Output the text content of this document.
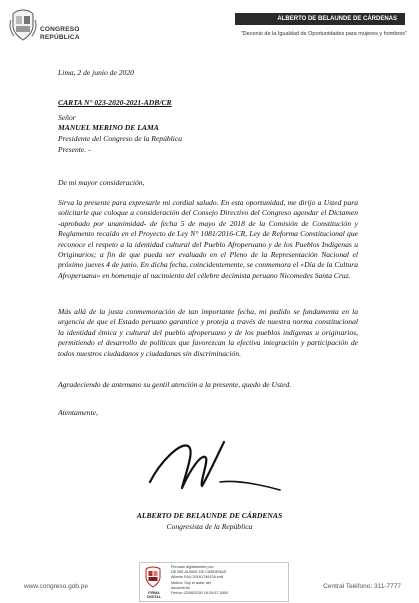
CONGRESO
REPÚBLICA
ALBERTO DE BELAUNDE DE CÁRDENAS
"Decenio de la Igualdad de Oportunidades para mujeres y hombres"
Lima, 2 de junio de 2020
CARTA N° 023-2020-2021-ADB/CR
Señor
MANUEL MERINO DE LAMA
Presidente del Congreso de la República
Presente. -
De mi mayor consideración,
Sirva la presente para expresarle mi cordial saludo. En esta oportunidad, me dirijo a Usted para solicitarle que coloque a consideración del Consejo Directivo del Congreso agendar el Dictamen -aprobado por unanimidad- de fecha 5 de mayo de 2018 de la Comisión de Constitución y Reglamento recaído en el Proyecto de Ley N° 1081/2016-CR, Ley de Reforma Constitucional que reconoce el respeto a la identidad cultural del Pueblo Afroperuano y de los Pueblos Indígenas u Originarios; a fin de que pueda ser evaluado en el Pleno de la Representación Nacional el próximo jueves 4 de junio. En dicha fecha, coincidentemente, se conmemora el «Día de la Cultura Afroperuana» en homenaje al nacimiento del célebre decimista peruano Nicomedes Santa Cruz.
Más allá de la justa conmemoración de tan importante fecha, mi pedido se fundamenta en la urgencia de que el Estado peruano garantice y proteja a través de nuestra norma constitucional la identidad étnica y cultural del pueblo afroperuano y de los pueblos indígenas u originarios, permitiendo el desarrollo de políticas que favorezcan la efectiva integración y participación de todos nuestros ciudadanos y ciudadanas sin discriminación.
Agradeciendo de antemano su gentil atención a la presente, quedo de Usted.
Atentamente,
ALBERTO DE BELAUNDE DE CÁRDENAS
Congresista de la República
www.congreso.gob.pe	Central Teléfono: 311-7777
FIRMA DIGITAL
Firmado digitalmente por:
DE BELAUNDE DE CARDENAS
Alberto FAU 20161749126 soft
Motivo: Soy el autor del
documento
Fecha: 02/06/2020 16:24:57-0500
